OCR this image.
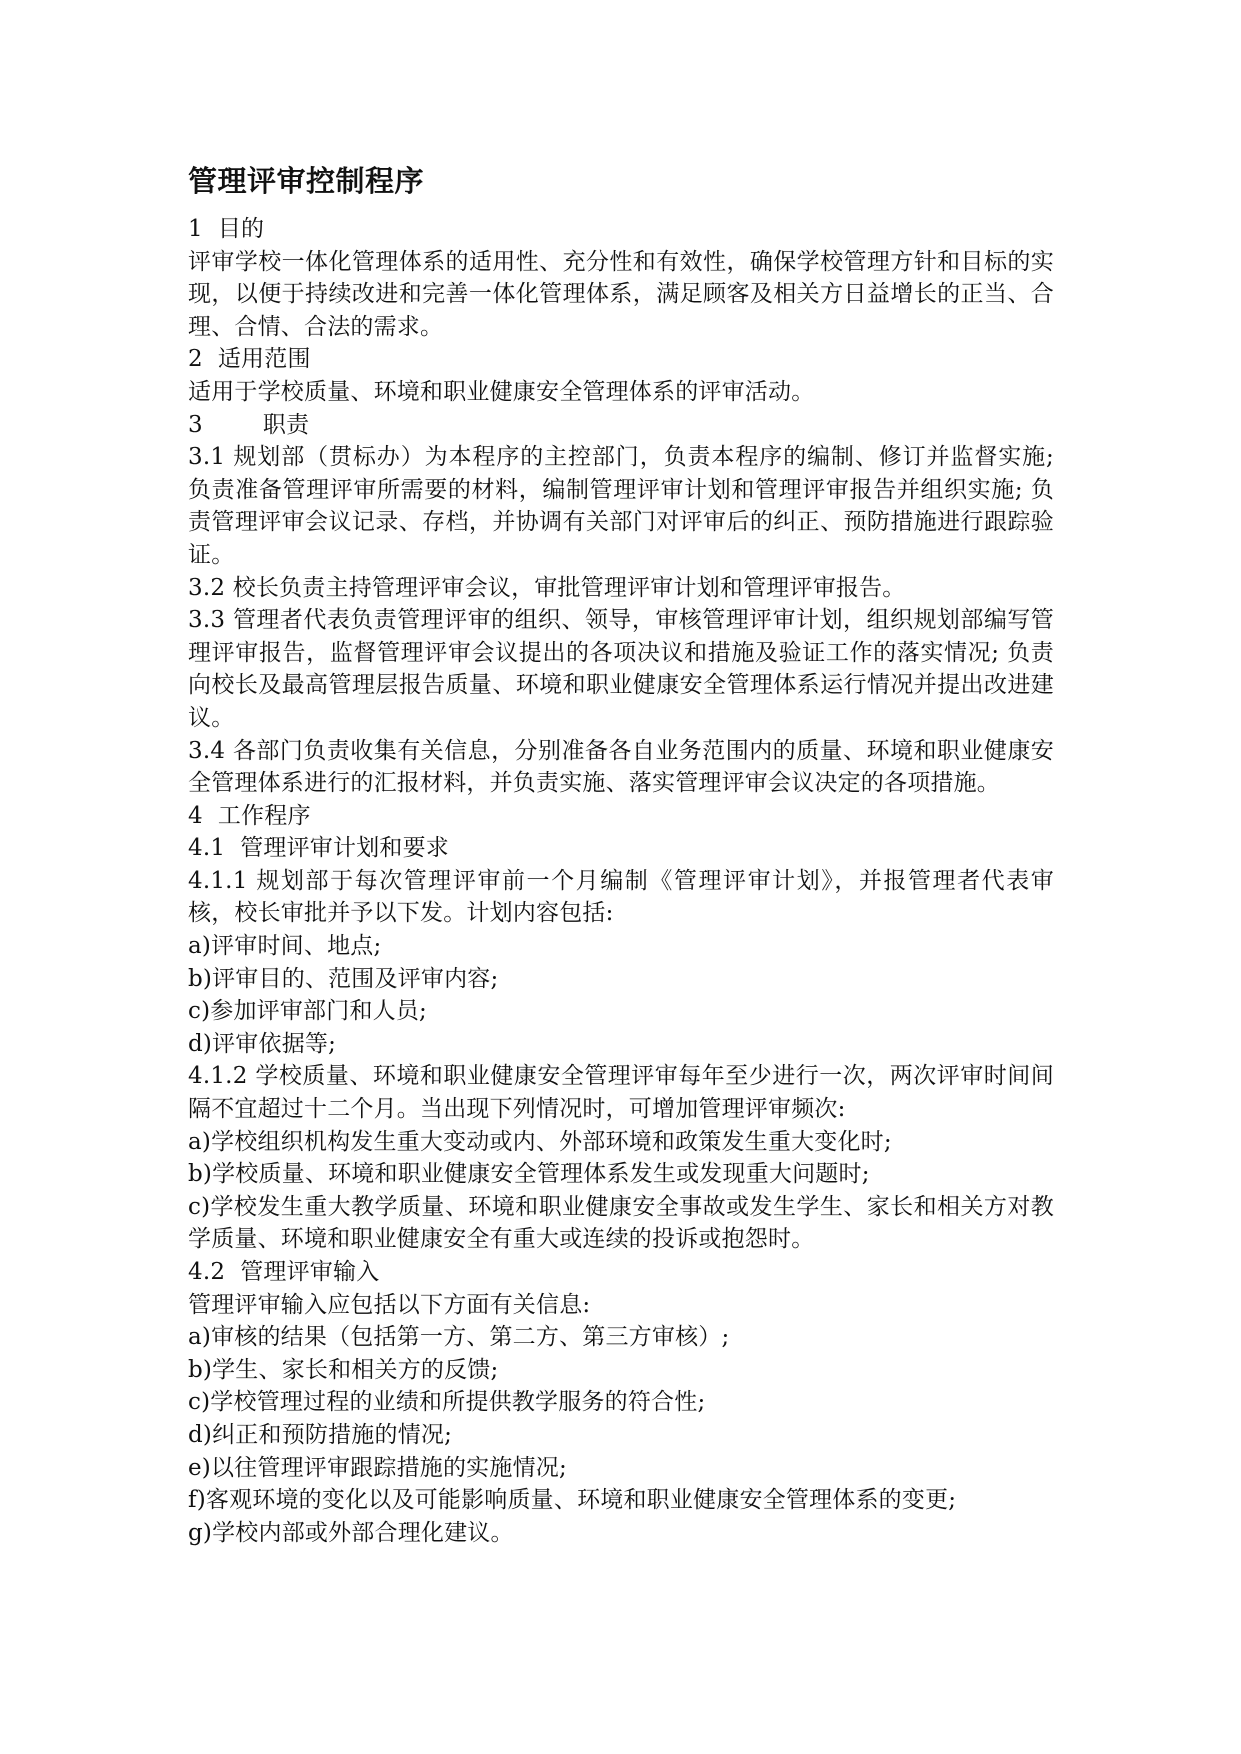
管理评审控制程序

1  目的

评审学校一体化管理体系的适用性、充分性和有效性，确保学校管理方针和目标的实现，以便于持续改进和完善一体化管理体系，满足顾客及相关方日益增长的正当、合理、合情、合法的需求。

2  适用范围

适用于学校质量、环境和职业健康安全管理体系的评审活动。

3        职责

3.1 规划部（贯标办）为本程序的主控部门，负责本程序的编制、修订并监督实施; 负责准备管理评审所需要的材料，编制管理评审计划和管理评审报告并组织实施; 负责管理评审会议记录、存档，并协调有关部门对评审后的纠正、预防措施进行跟踪验证。

3.2 校长负责主持管理评审会议，审批管理评审计划和管理评审报告。

3.3 管理者代表负责管理评审的组织、领导，审核管理评审计划，组织规划部编写管理评审报告，监督管理评审会议提出的各项决议和措施及验证工作的落实情况; 负责向校长及最高管理层报告质量、环境和职业健康安全管理体系运行情况并提出改进建议。

3.4 各部门负责收集有关信息，分别准备各自业务范围内的质量、环境和职业健康安全管理体系进行的汇报材料，并负责实施、落实管理评审会议决定的各项措施。

4  工作程序

4.1  管理评审计划和要求

4.1.1 规划部于每次管理评审前一个月编制《管理评审计划》，并报管理者代表审核，校长审批并予以下发。计划内容包括:

a)评审时间、地点;

b)评审目的、范围及评审内容;

c)参加评审部门和人员;

d)评审依据等;

4.1.2 学校质量、环境和职业健康安全管理评审每年至少进行一次，两次评审时间间隔不宜超过十二个月。当出现下列情况时，可增加管理评审频次:

a)学校组织机构发生重大变动或内、外部环境和政策发生重大变化时;

b)学校质量、环境和职业健康安全管理体系发生或发现重大问题时;

c)学校发生重大教学质量、环境和职业健康安全事故或发生学生、家长和相关方对教学质量、环境和职业健康安全有重大或连续的投诉或抱怨时。

4.2  管理评审输入

管理评审输入应包括以下方面有关信息:

a)审核的结果（包括第一方、第二方、第三方审核）;

b)学生、家长和相关方的反馈;

c)学校管理过程的业绩和所提供教学服务的符合性;

d)纠正和预防措施的情况;

e)以往管理评审跟踪措施的实施情况;

f)客观环境的变化以及可能影响质量、环境和职业健康安全管理体系的变更;

g)学校内部或外部合理化建议。
